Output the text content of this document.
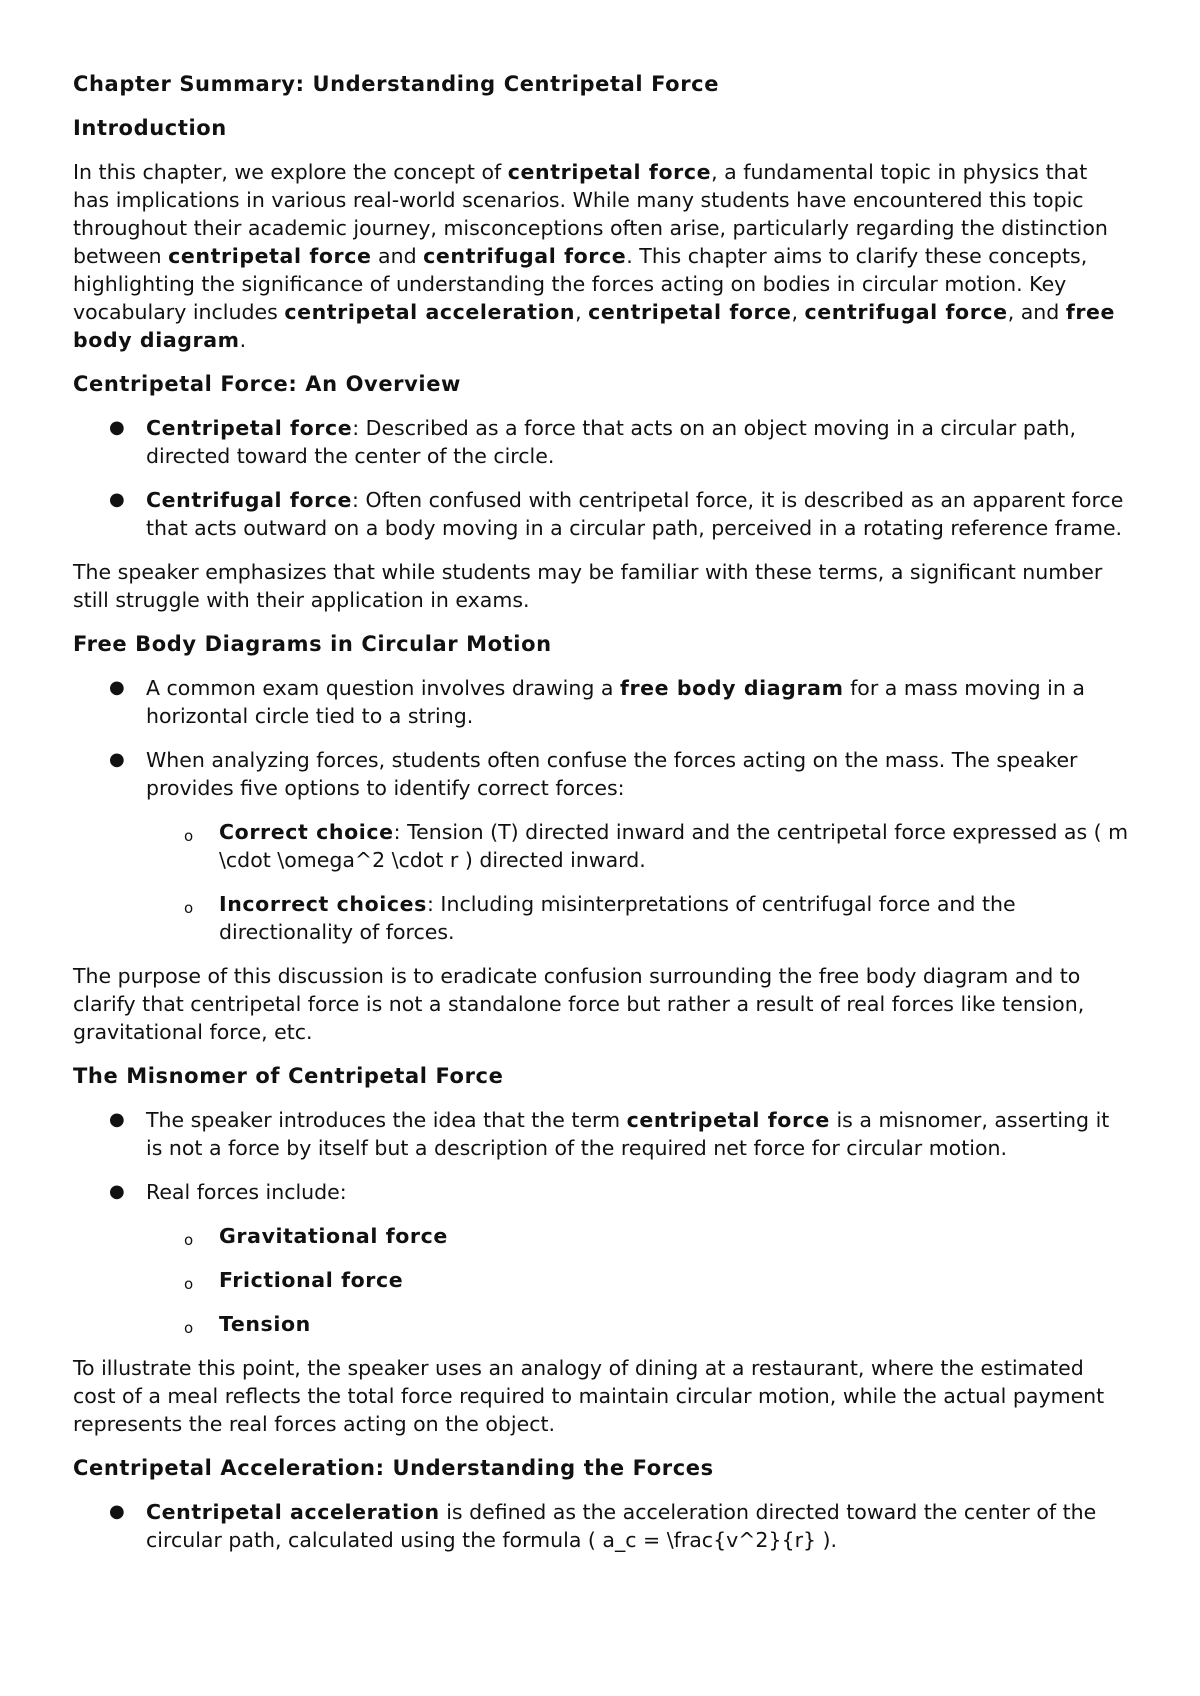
Chapter Summary: Understanding Centripetal Force
Introduction
In this chapter, we explore the concept of centripetal force, a fundamental topic in physics that has implications in various real-world scenarios. While many students have encountered this topic throughout their academic journey, misconceptions often arise, particularly regarding the distinction between centripetal force and centrifugal force. This chapter aims to clarify these concepts, highlighting the significance of understanding the forces acting on bodies in circular motion. Key vocabulary includes centripetal acceleration, centripetal force, centrifugal force, and free body diagram.
Centripetal Force: An Overview
● Centripetal force: Described as a force that acts on an object moving in a circular path, directed toward the center of the circle.
● Centrifugal force: Often confused with centripetal force, it is described as an apparent force that acts outward on a body moving in a circular path, perceived in a rotating reference frame.
The speaker emphasizes that while students may be familiar with these terms, a significant number still struggle with their application in exams.
Free Body Diagrams in Circular Motion
● A common exam question involves drawing a free body diagram for a mass moving in a horizontal circle tied to a string.
● When analyzing forces, students often confuse the forces acting on the mass. The speaker provides five options to identify correct forces:
o Correct choice: Tension (T) directed inward and the centripetal force expressed as ( m \cdot \omega^2 \cdot r ) directed inward.
o Incorrect choices: Including misinterpretations of centrifugal force and the directionality of forces.
The purpose of this discussion is to eradicate confusion surrounding the free body diagram and to clarify that centripetal force is not a standalone force but rather a result of real forces like tension, gravitational force, etc.
The Misnomer of Centripetal Force
● The speaker introduces the idea that the term centripetal force is a misnomer, asserting it is not a force by itself but a description of the required net force for circular motion.
● Real forces include:
o Gravitational force
o Frictional force
o Tension
To illustrate this point, the speaker uses an analogy of dining at a restaurant, where the estimated cost of a meal reflects the total force required to maintain circular motion, while the actual payment represents the real forces acting on the object.
Centripetal Acceleration: Understanding the Forces
● Centripetal acceleration is defined as the acceleration directed toward the center of the circular path, calculated using the formula ( a_c = \frac{v^2}{r} ).
